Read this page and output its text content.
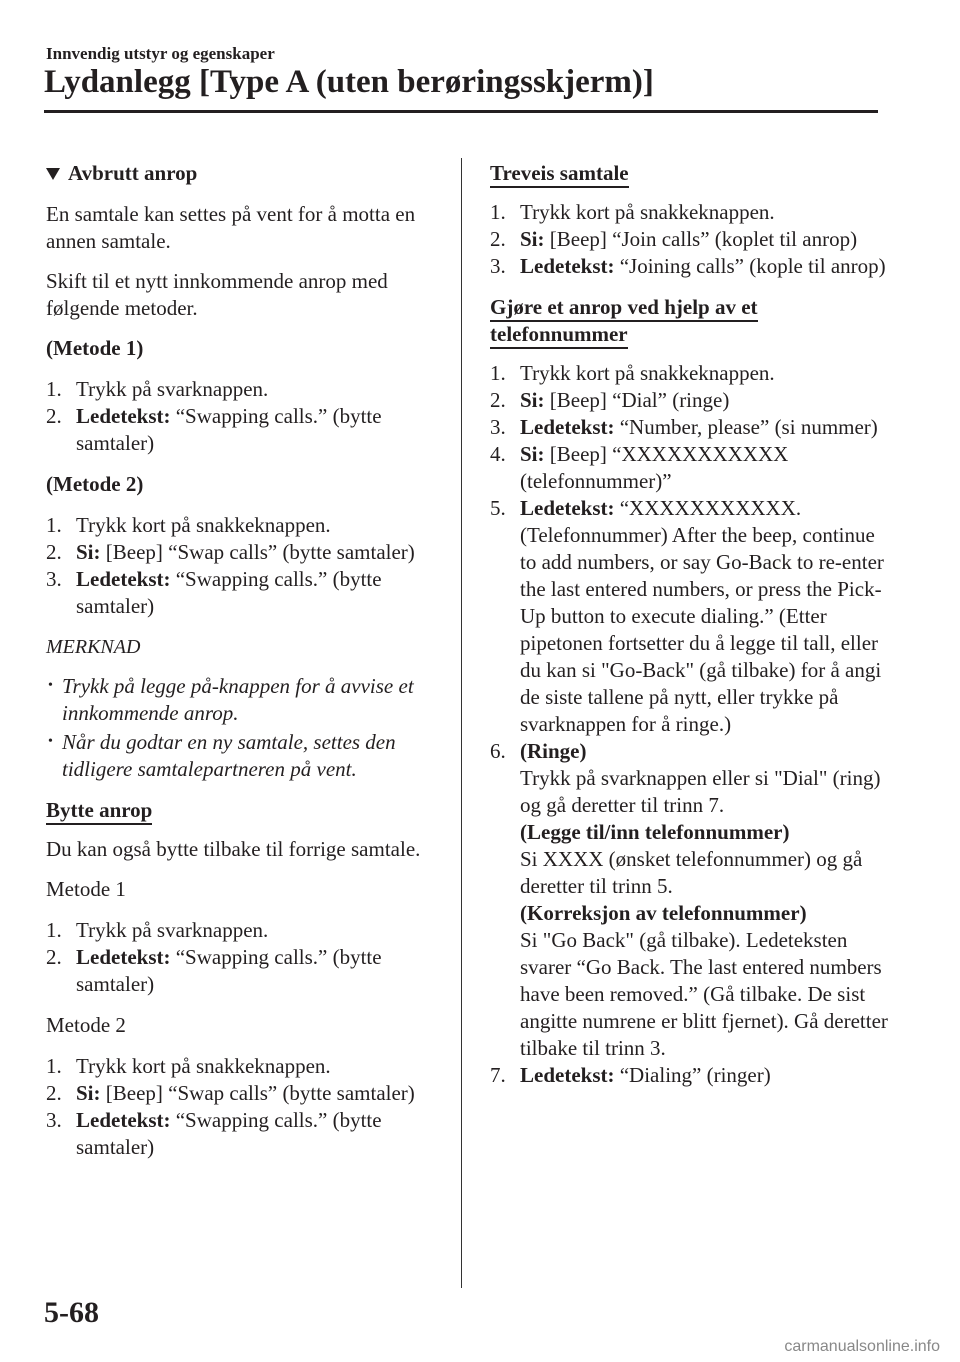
Innvendig utstyr og egenskaper
Lydanlegg [Type A (uten berøringsskjerm)]
Avbrutt anrop

En samtale kan settes på vent for å motta en annen samtale.

Skift til et nytt innkommende anrop med følgende metoder.

(Metode 1)
1. Trykk på svarknappen.
2. Ledetekst: “Swapping calls.” (bytte samtaler)
(Metode 2)
1. Trykk kort på snakkeknappen.
2. Si: [Beep] “Swap calls” (bytte samtaler)
3. Ledetekst: “Swapping calls.” (bytte samtaler)
MERKNAD
• Trykk på legge på-knappen for å avvise et innkommende anrop.
• Når du godtar en ny samtale, settes den tidligere samtalepartneren på vent.
Bytte anrop

Du kan også bytte tilbake til forrige samtale.

Metode 1
1. Trykk på svarknappen.
2. Ledetekst: “Swapping calls.” (bytte samtaler)
Metode 2
1. Trykk kort på snakkeknappen.
2. Si: [Beep] “Swap calls” (bytte samtaler)
3. Ledetekst: “Swapping calls.” (bytte samtaler)
Treveis samtale
1. Trykk kort på snakkeknappen.
2. Si: [Beep] “Join calls” (koplet til anrop)
3. Ledetekst: “Joining calls” (kople til anrop)
Gjøre et anrop ved hjelp av et
telefonnummer
1. Trykk kort på snakkeknappen.
2. Si: [Beep] “Dial” (ringe)
3. Ledetekst: “Number, please” (si nummer)
4. Si: [Beep] “XXXXXXXXXXX (telefonnummer)”
5. Ledetekst: “XXXXXXXXXXX. (Telefonnummer) After the beep, continue to add numbers, or say Go-Back to re-enter the last entered numbers, or press the Pick-Up button to execute dialing.” (Etter pipetonen fortsetter du å legge til tall, eller du kan si "Go-Back" (gå tilbake) for å angi de siste tallene på nytt, eller trykke på svarknappen for å ringe.)
6. (Ringe)
Trykk på svarknappen eller si "Dial" (ring) og gå deretter til trinn 7.
(Legge til/inn telefonnummer)
Si XXXX (ønsket telefonnummer) og gå deretter til trinn 5.
(Korreksjon av telefonnummer)
Si "Go Back" (gå tilbake). Ledeteksten svarer “Go Back. The last entered numbers have been removed.” (Gå tilbake. De sist angitte numrene er blitt fjernet). Gå deretter tilbake til trinn 3.
7. Ledetekst: “Dialing” (ringer)
5-68
carmanualsonline.info
